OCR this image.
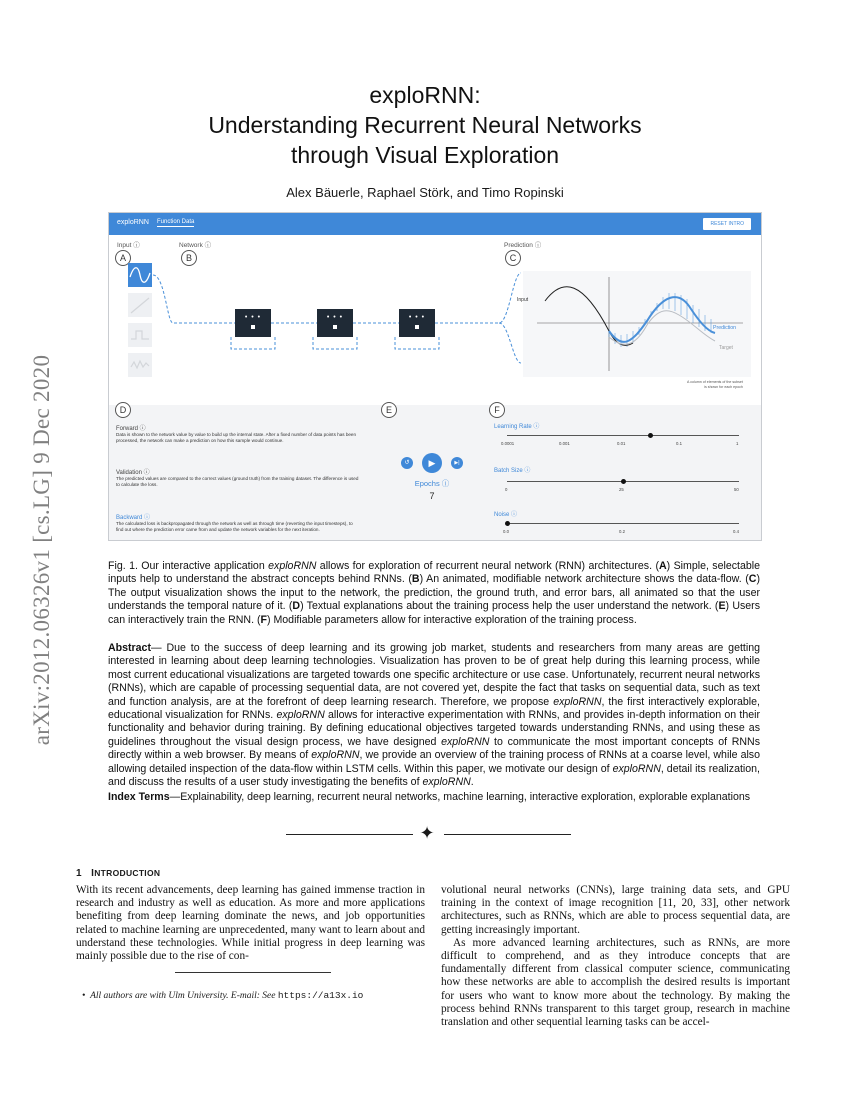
arXiv:2012.06326v1 [cs.LG] 9 Dec 2020
exploRNN:
Understanding Recurrent Neural Networks
through Visual Exploration
Alex Bäuerle, Raphael Störk, and Timo Ropinski
exploRNN Function Data	RESET INTRO
Input ⓘ	Network ⓘ	Prediction ⓘ
A	B	C
• • •	• • •	• • •
Input
Prediction
Target
A column of elements of the subset
is shown for each epoch
D	E	F
Forward ⓘ
Data is shown to the network value by value to build up the internal state. After a fixed number of data points has been
processed, the network can make a prediction on how this sample would continue.
Validation ⓘ
The predicted values are compared to the correct values (ground truth) from the training dataset. The difference is used
to calculate the loss.
Backward ⓘ
The calculated loss is backpropagated through the network as well as through time (reverting the input timesteps), to
find out where the prediction error came from and update the network variables for the next iteration.
↺	▶	▶|
Epochs ⓘ
7
Learning Rate ⓘ
0.0001	0.001	0.01	0.1	1
Batch Size ⓘ
0	25	50
Noise ⓘ
0.0	0.2	0.4
Fig. 1. Our interactive application exploRNN allows for exploration of recurrent neural network (RNN) architectures. (A) Simple, selectable inputs help to understand the abstract concepts behind RNNs. (B) An animated, modifiable network architecture shows the data-flow. (C) The output visualization shows the input to the network, the prediction, the ground truth, and error bars, all animated so that the user understands the temporal nature of it. (D) Textual explanations about the training process help the user understand the network. (E) Users can interactively train the RNN. (F) Modifiable parameters allow for interactive exploration of the training process.
Abstract— Due to the success of deep learning and its growing job market, students and researchers from many areas are getting interested in learning about deep learning technologies. Visualization has proven to be of great help during this learning process, while most current educational visualizations are targeted towards one specific architecture or use case. Unfortunately, recurrent neural networks (RNNs), which are capable of processing sequential data, are not covered yet, despite the fact that tasks on sequential data, such as text and function analysis, are at the forefront of deep learning research. Therefore, we propose exploRNN, the first interactively explorable, educational visualization for RNNs. exploRNN allows for interactive experimentation with RNNs, and provides in-depth information on their functionality and behavior during training. By defining educational objectives targeted towards understanding RNNs, and using these as guidelines throughout the visual design process, we have designed exploRNN to communicate the most important concepts of RNNs directly within a web browser. By means of exploRNN, we provide an overview of the training process of RNNs at a coarse level, while also allowing detailed inspection of the data-flow within LSTM cells. Within this paper, we motivate our design of exploRNN, detail its realization, and discuss the results of a user study investigating the benefits of exploRNN.
Index Terms—Explainability, deep learning, recurrent neural networks, machine learning, interactive exploration, explorable explanations
✦
1 INTRODUCTION

With its recent advancements, deep learning has gained immense traction in research and industry as well as education. As more and more applications benefiting from deep learning dominate the news, and job opportunities related to machine learning are unprecedented, many want to learn about and understand these technologies. While initial progress in deep learning was mainly possible due to the rise of con-

• All authors are with Ulm University. E-mail: See https://a13x.io

volutional neural networks (CNNs), large training data sets, and GPU training in the context of image recognition [11, 20, 33], other network architectures, such as RNNs, which are able to process sequential data, are getting increasingly important.

As more advanced learning architectures, such as RNNs, are more difficult to comprehend, and as they introduce concepts that are fundamentally different from classical computer science, communicating how these networks are able to accomplish the desired results is important for users who want to know more about the technology. By making the process behind RNNs transparent to this target group, research in machine translation and other sequential learning tasks can be accel-
